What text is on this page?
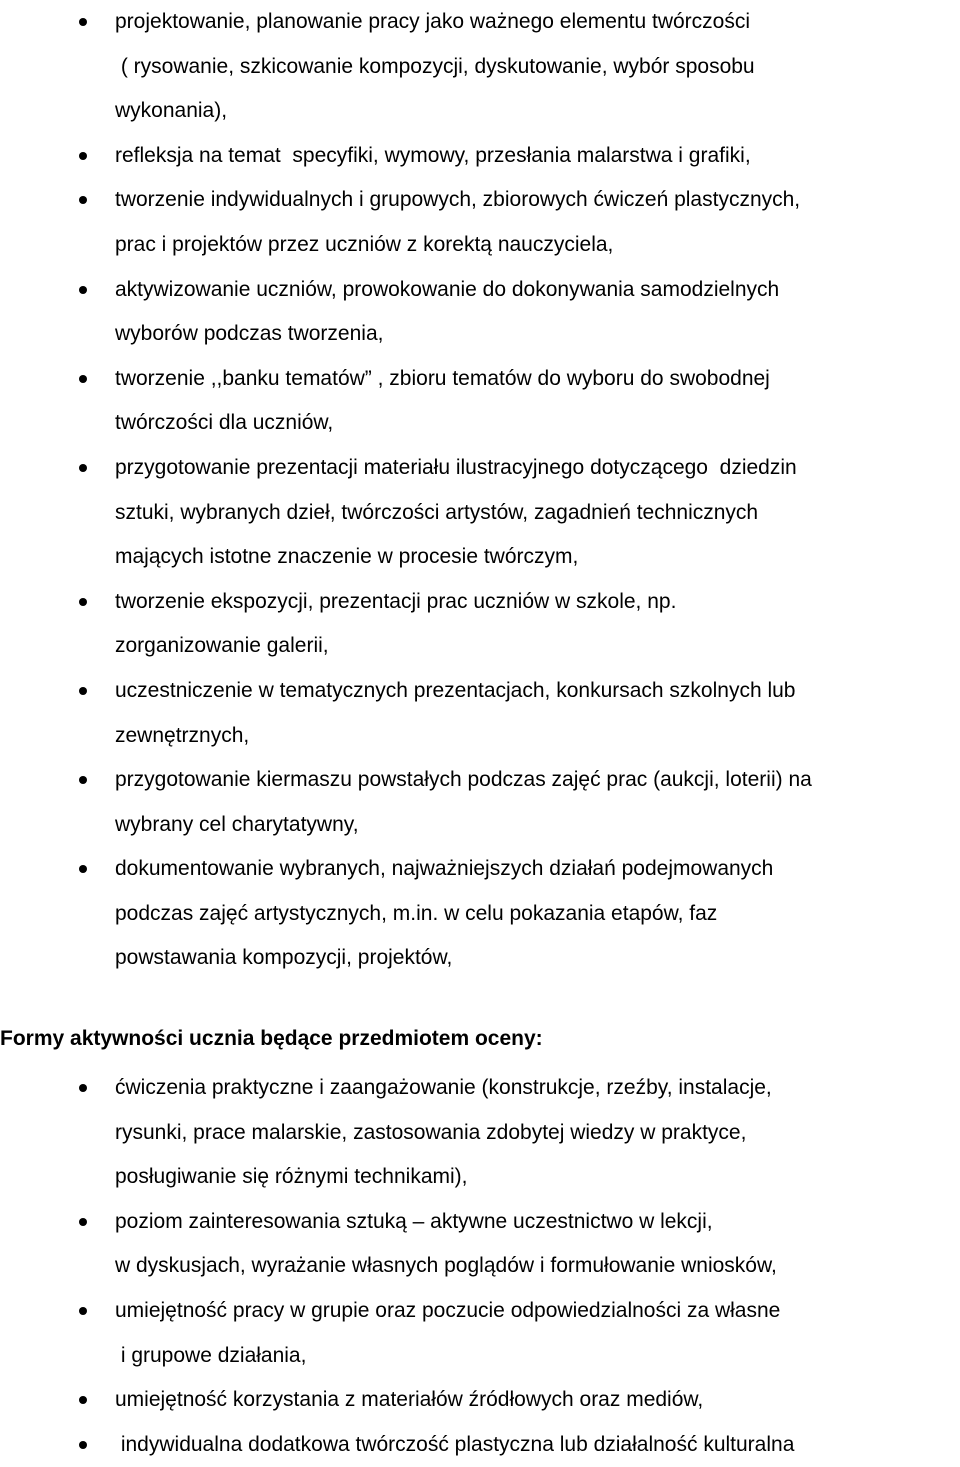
projektowanie, planowanie pracy jako ważnego elementu twórczości
( rysowanie, szkicowanie kompozycji, dyskutowanie, wybór sposobu
wykonania),
refleksja na temat  specyfiki, wymowy, przesłania malarstwa i grafiki,
tworzenie indywidualnych i grupowych, zbiorowych ćwiczeń plastycznych,
prac i projektów przez uczniów z korektą nauczyciela,
aktywizowanie uczniów, prowokowanie do dokonywania samodzielnych
wyborów podczas tworzenia,
tworzenie ,,banku tematów” , zbioru tematów do wyboru do swobodnej
twórczości dla uczniów,
przygotowanie prezentacji materiału ilustracyjnego dotyczącego  dziedzin
sztuki, wybranych dzieł, twórczości artystów, zagadnień technicznych
mających istotne znaczenie w procesie twórczym,
tworzenie ekspozycji, prezentacji prac uczniów w szkole, np.
zorganizowanie galerii,
uczestniczenie w tematycznych prezentacjach, konkursach szkolnych lub
zewnętrznych,
przygotowanie kiermaszu powstałych podczas zajęć prac (aukcji, loterii) na
wybrany cel charytatywny,
dokumentowanie wybranych, najważniejszych działań podejmowanych
podczas zajęć artystycznych, m.in. w celu pokazania etapów, faz
powstawania kompozycji, projektów,
Formy aktywności ucznia będące przedmiotem oceny:
ćwiczenia praktyczne i zaangażowanie (konstrukcje, rzeźby, instalacje,
rysunki, prace malarskie, zastosowania zdobytej wiedzy w praktyce,
posługiwanie się różnymi technikami),
poziom zainteresowania sztuką – aktywne uczestnictwo w lekcji,
w dyskusjach, wyrażanie własnych poglądów i formułowanie wniosków,
umiejętność pracy w grupie oraz poczucie odpowiedzialności za własne
i grupowe działania,
umiejętność korzystania z materiałów źródłowych oraz mediów,
indywidualna dodatkowa twórczość plastyczna lub działalność kulturalna
